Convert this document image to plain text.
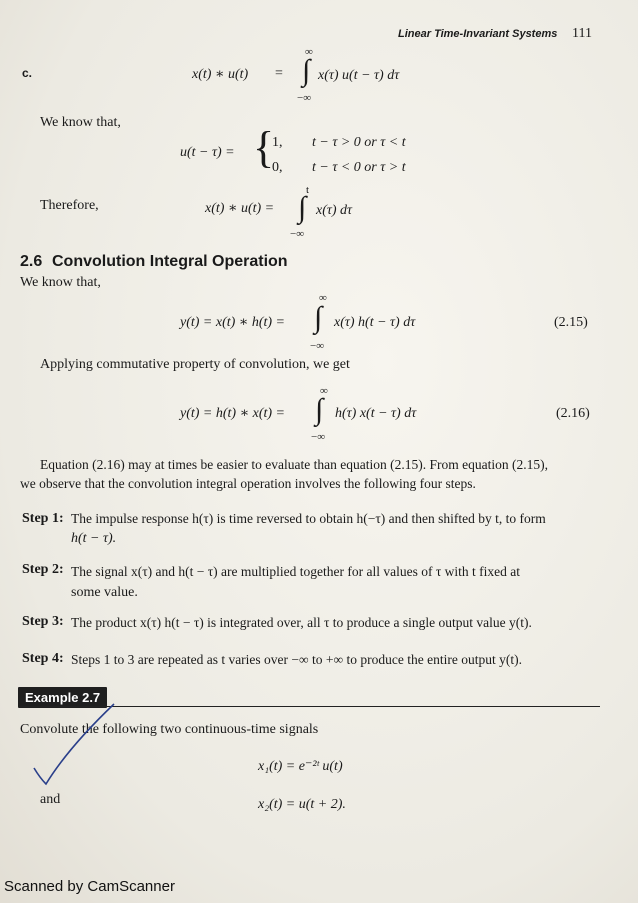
Linear Time-Invariant Systems 111
c.	x(t) ∗ u(t) =
∞
∫
−∞
x(τ) u(t − τ) dτ
We know that,
u(t − τ) = {
1, t − τ > 0 or τ < t
0, t − τ < 0 or τ > t
Therefore,	x(t) ∗ u(t) =
t
∫
−∞
x(τ) dτ
2.6 Convolution Integral Operation
We know that,
y(t) = x(t) ∗ h(t) =
∞
∫
−∞
x(τ) h(t − τ) dτ	(2.15)
Applying commutative property of convolution, we get
y(t) = h(t) ∗ x(t) =
∞
∫
−∞
h(τ) x(t − τ) dτ	(2.16)
Equation (2.16) may at times be easier to evaluate than equation (2.15). From equation (2.15),
we observe that the convolution integral operation involves the following four steps.
Step 1: The impulse response h(τ) is time reversed to obtain h(−τ) and then shifted by t, to form
h(t − τ).
Step 2: The signal x(τ) and h(t − τ) are multiplied together for all values of τ with t fixed at
some value.
Step 3: The product x(τ) h(t − τ) is integrated over, all τ to produce a single output value y(t).
Step 4: Steps 1 to 3 are repeated as t varies over −∞ to +∞ to produce the entire output y(t).
Example 2.7
Convolute the following two continuous-time signals
x₁(t) = e⁻²ᵗ u(t)
and	x₂(t) = u(t + 2).
Scanned by CamScanner
